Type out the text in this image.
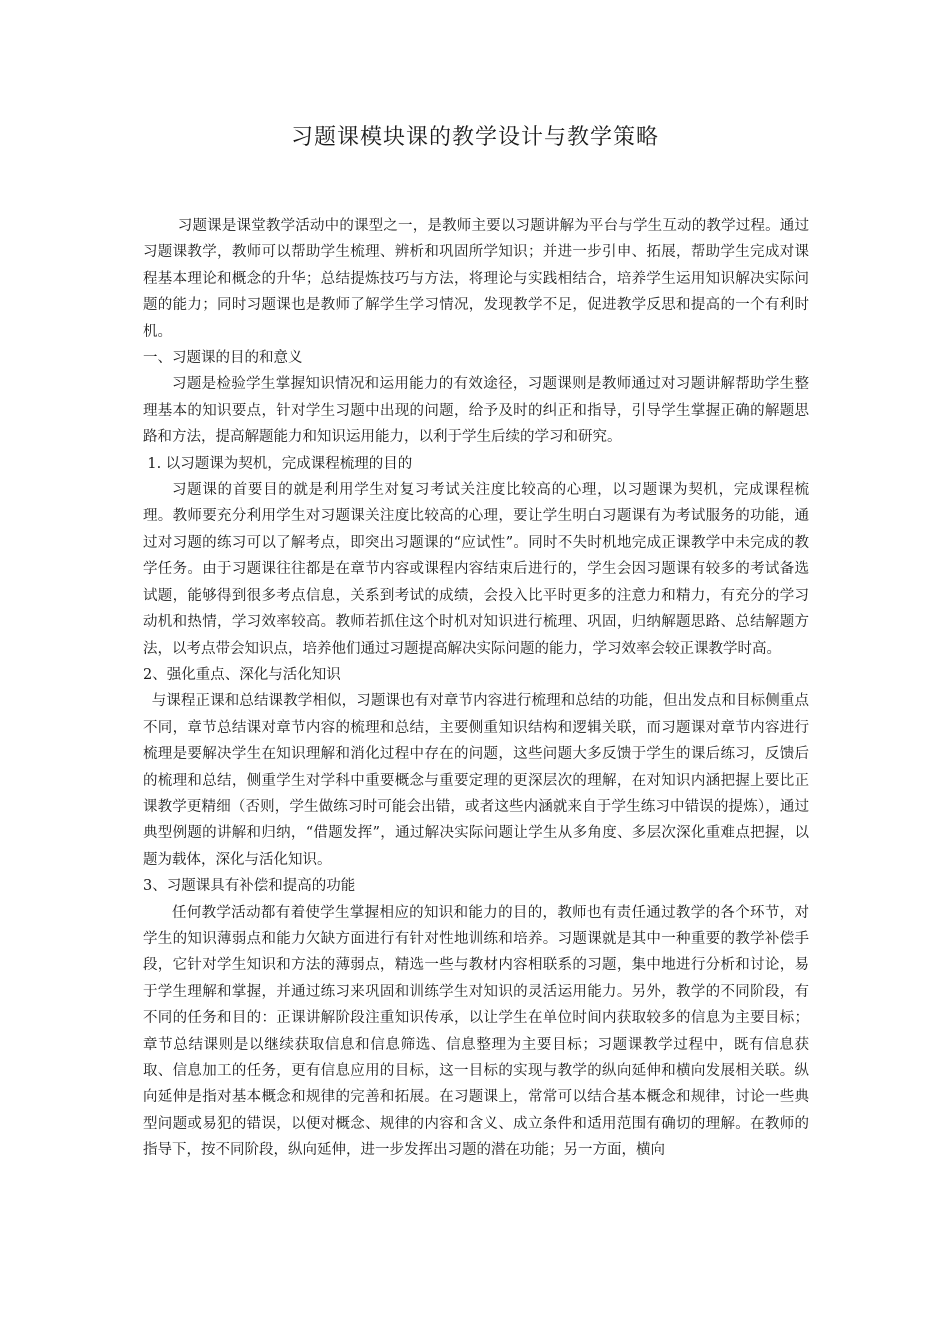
习题课模块课的教学设计与教学策略

习题课是课堂教学活动中的课型之一，是教师主要以习题讲解为平台与学生互动的教学过程。通过习题课教学，教师可以帮助学生梳理、辨析和巩固所学知识；并进一步引申、拓展，帮助学生完成对课程基本理论和概念的升华；总结提炼技巧与方法，将理论与实践相结合，培养学生运用知识解决实际问题的能力；同时习题课也是教师了解学生学习情况，发现教学不足，促进教学反思和提高的一个有利时机。

一、习题课的目的和意义

习题是检验学生掌握知识情况和运用能力的有效途径，习题课则是教师通过对习题讲解帮助学生整理基本的知识要点，针对学生习题中出现的问题，给予及时的纠正和指导，引导学生掌握正确的解题思路和方法，提高解题能力和知识运用能力，以利于学生后续的学习和研究。

1. 以习题课为契机，完成课程梳理的目的

习题课的首要目的就是利用学生对复习考试关注度比较高的心理，以习题课为契机，完成课程梳理。教师要充分利用学生对习题课关注度比较高的心理，要让学生明白习题课有为考试服务的功能，通过对习题的练习可以了解考点，即突出习题课的“应试性”。同时不失时机地完成正课教学中未完成的教学任务。由于习题课往往都是在章节内容或课程内容结束后进行的，学生会因习题课有较多的考试备选试题，能够得到很多考点信息，关系到考试的成绩，会投入比平时更多的注意力和精力，有充分的学习动机和热情，学习效率较高。教师若抓住这个时机对知识进行梳理、巩固，归纳解题思路、总结解题方法，以考点带会知识点，培养他们通过习题提高解决实际问题的能力，学习效率会较正课教学时高。

2、强化重点、深化与活化知识

与课程正课和总结课教学相似，习题课也有对章节内容进行梳理和总结的功能，但出发点和目标侧重点不同，章节总结课对章节内容的梳理和总结，主要侧重知识结构和逻辑关联，而习题课对章节内容进行梳理是要解决学生在知识理解和消化过程中存在的问题，这些问题大多反馈于学生的课后练习，反馈后的梳理和总结，侧重学生对学科中重要概念与重要定理的更深层次的理解，在对知识内涵把握上要比正课教学更精细（否则，学生做练习时可能会出错，或者这些内涵就来自于学生练习中错误的提炼），通过典型例题的讲解和归纳，“借题发挥”，通过解决实际问题让学生从多角度、多层次深化重难点把握，以题为载体，深化与活化知识。

3、习题课具有补偿和提高的功能

任何教学活动都有着使学生掌握相应的知识和能力的目的，教师也有责任通过教学的各个环节，对学生的知识薄弱点和能力欠缺方面进行有针对性地训练和培养。习题课就是其中一种重要的教学补偿手段，它针对学生知识和方法的薄弱点，精选一些与教材内容相联系的习题，集中地进行分析和讨论，易于学生理解和掌握，并通过练习来巩固和训练学生对知识的灵活运用能力。另外，教学的不同阶段，有不同的任务和目的：正课讲解阶段注重知识传承，以让学生在单位时间内获取较多的信息为主要目标；章节总结课则是以继续获取信息和信息筛选、信息整理为主要目标；习题课教学过程中，既有信息获取、信息加工的任务，更有信息应用的目标，这一目标的实现与教学的纵向延伸和横向发展相关联。纵向延伸是指对基本概念和规律的完善和拓展。在习题课上，常常可以结合基本概念和规律，讨论一些典型问题或易犯的错误，以便对概念、规律的内容和含义、成立条件和适用范围有确切的理解。在教师的指导下，按不同阶段，纵向延伸，进一步发挥出习题的潜在功能；另一方面，横向
